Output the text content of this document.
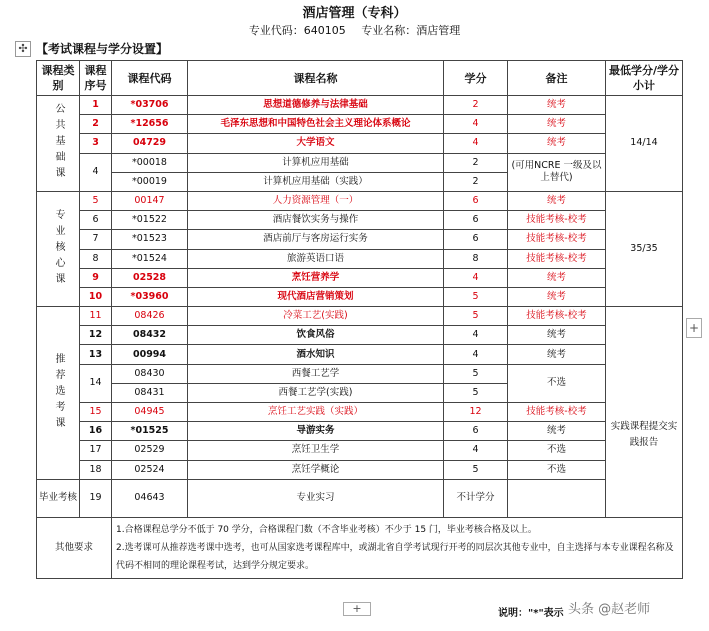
酒店管理（专科）
专业代码：640105 专业名称：酒店管理
✣ 【考试课程与学分设置】
课程类别	课程序号	课程代码	课程名称	学分	备注	最低学分/学分小计

公共基础课	1	*03706	思想道德修养与法律基础	2	统考	14/14
	2	*12656	毛泽东思想和中国特色社会主义理论体系概论	4	统考	
	3	04729	大学语文	4	统考	
	4	*00018	计算机应用基础	2	(可用NCRE 一级及以上替代)	
		*00019	计算机应用基础（实践）	2		

专业核心课	5	00147	人力资源管理（一）	6	统考	35/35
	6	*01522	酒店餐饮实务与操作	6	技能考核-校考	
	7	*01523	酒店前厅与客房运行实务	6	技能考核-校考	
	8	*01524	旅游英语口语	8	技能考核-校考	
	9	02528	烹饪营养学	4	统考	
	10	*03960	现代酒店营销策划	5	统考	

推荐选考课	11	08426	冷菜工艺(实践)	5	技能考核-校考	实践课程提交实践报告
	12	08432	饮食风俗	4	统考	
	13	00994	酒水知识	4	统考	
	14	08430	西餐工艺学	5	不选	
		08431	西餐工艺学(实践)	5		
	15	04945	烹饪工艺实践（实践）	12	技能考核-校考	
	16	*01525	导游实务	6	统考	
	17	02529	烹饪卫生学	4	不选	
	18	02524	烹饪学概论	5	不选	
毕业考核	19	04643	专业实习	不计学分		
其他要求		1.合格课程总学分不低于 70 学分，合格课程门数（不含毕业考核）不少于 15 门，毕业考核合格及以上。
2.选考课可从推荐选考课中选考，也可从国家选考课程库中，或湖北省自学考试现行开考的同层次其他专业中，自主选择与本专业课程名称及代码不相同的理论课程考试，达到学分规定要求。				
+
+	说明："*"表示 头条 @赵老师
